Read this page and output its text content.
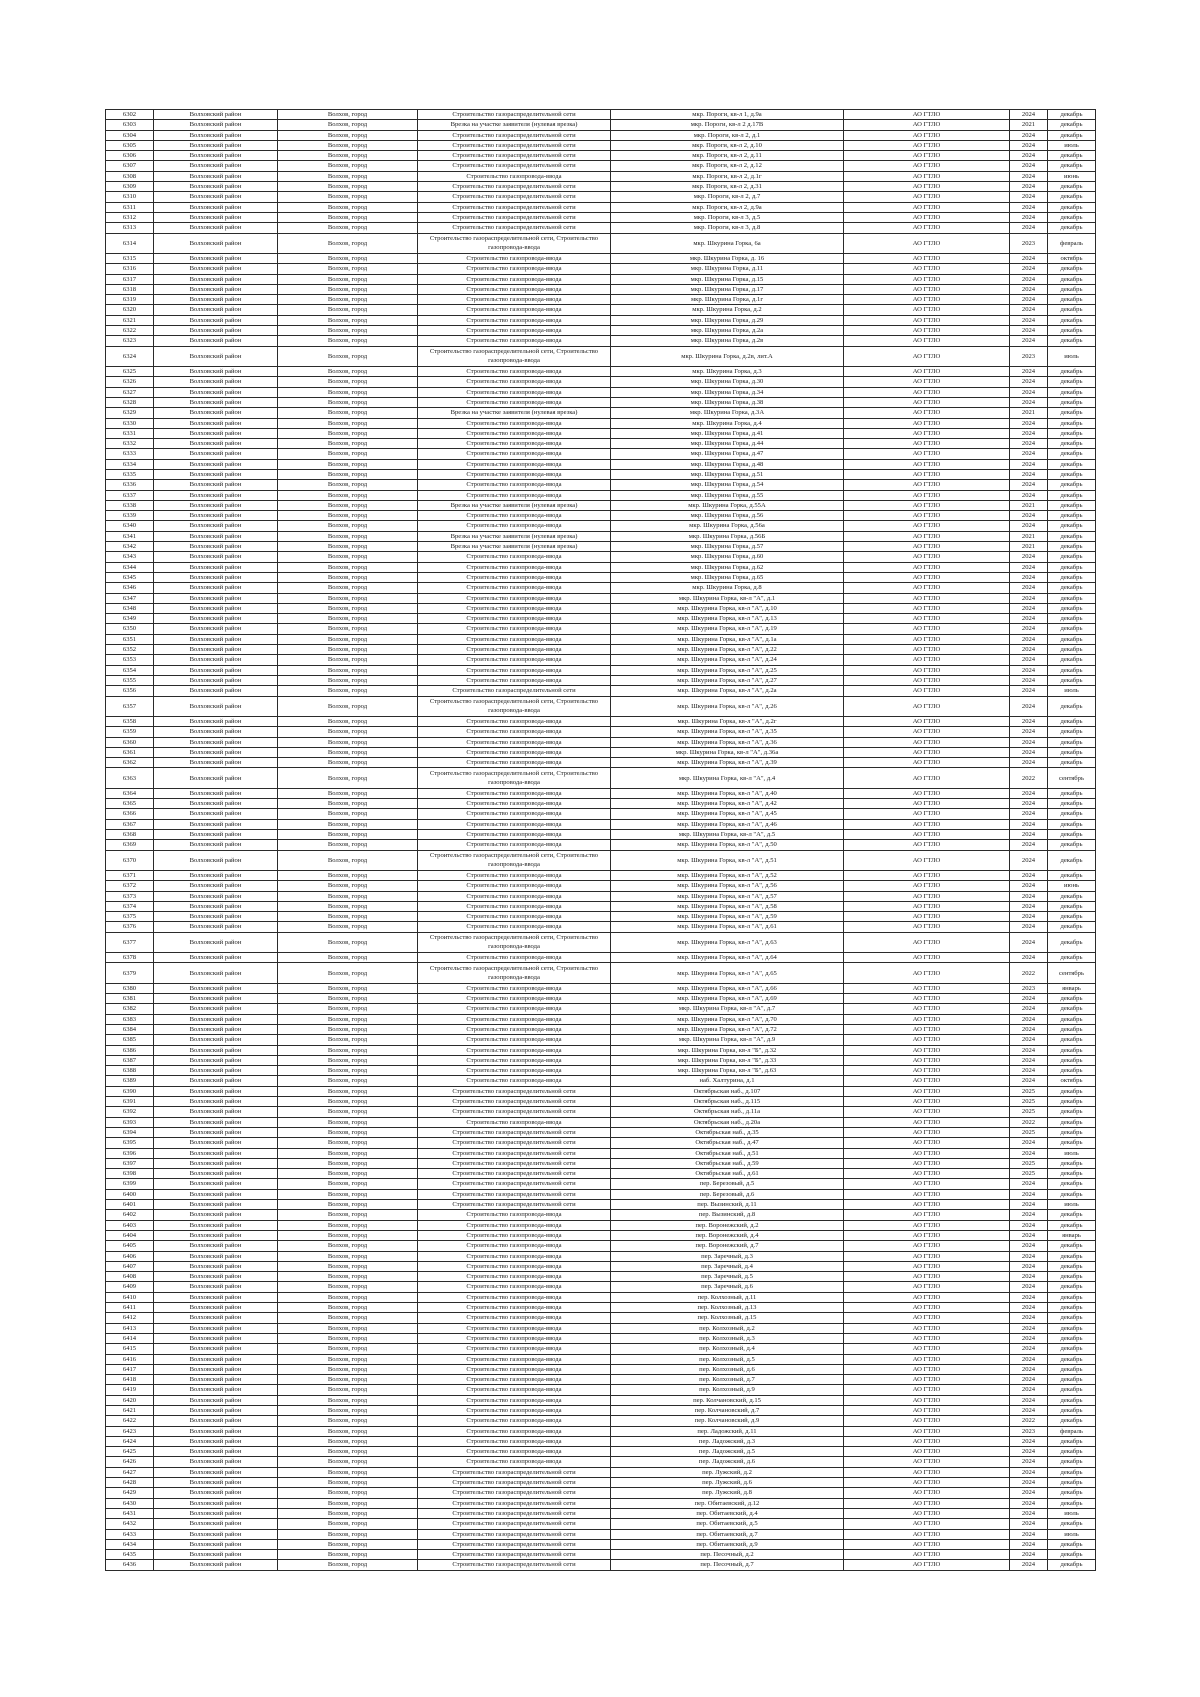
6302	Волховский район	Волхов, город	Строительство газораспределительной сети	мкр. Пороги, кв-л 1, д.9а	АО ГТЛО	2024	декабрь
6303	Волховский район	Волхов, город	Врезка на участке заявителя (нулевая врезка)	мкр. Пороги, кв-л 2 д.17В	АО ГТЛО	2021	декабрь
6304	Волховский район	Волхов, город	Строительство газораспределительной сети	мкр. Пороги, кв-л 2, д.1	АО ГТЛО	2024	декабрь
6305	Волховский район	Волхов, город	Строительство газораспределительной сети	мкр. Пороги, кв-л 2, д.10	АО ГТЛО	2024	июль
6306	Волховский район	Волхов, город	Строительство газораспределительной сети	мкр. Пороги, кв-л 2, д.11	АО ГТЛО	2024	декабрь
6307	Волховский район	Волхов, город	Строительство газораспределительной сети	мкр. Пороги, кв-л 2, д.12	АО ГТЛО	2024	декабрь
6308	Волховский район	Волхов, город	Строительство газопровода-ввода	мкр. Пороги, кв-л 2, д.1г	АО ГТЛО	2024	июнь
6309	Волховский район	Волхов, город	Строительство газораспределительной сети	мкр. Пороги, кв-л 2, д.31	АО ГТЛО	2024	декабрь
6310	Волховский район	Волхов, город	Строительство газораспределительной сети	мкр. Пороги, кв-л 2, д.7	АО ГТЛО	2024	декабрь
6311	Волховский район	Волхов, город	Строительство газораспределительной сети	мкр. Пороги, кв-л 2, д.9а	АО ГТЛО	2024	декабрь
6312	Волховский район	Волхов, город	Строительство газораспределительной сети	мкр. Пороги, кв-л 3, д.5	АО ГТЛО	2024	декабрь
6313	Волховский район	Волхов, город	Строительство газораспределительной сети	мкр. Пороги, кв-л 3, д.8	АО ГТЛО	2024	декабрь
6314	Волховский район	Волхов, город	Строительство газораспределительной сети, Строительство газопровода-ввода	мкр. Шкурина Горка, 6а	АО ГТЛО	2023	февраль
6315	Волховский район	Волхов, город	Строительство газопровода-ввода	мкр. Шкурина Горка, д. 16	АО ГТЛО	2024	октябрь
6316	Волховский район	Волхов, город	Строительство газопровода-ввода	мкр. Шкурина Горка, д.11	АО ГТЛО	2024	декабрь
6317	Волховский район	Волхов, город	Строительство газопровода-ввода	мкр. Шкурина Горка, д.15	АО ГТЛО	2024	декабрь
6318	Волховский район	Волхов, город	Строительство газопровода-ввода	мкр. Шкурина Горка, д.17	АО ГТЛО	2024	декабрь
6319	Волховский район	Волхов, город	Строительство газопровода-ввода	мкр. Шкурина Горка, д.1г	АО ГТЛО	2024	декабрь
6320	Волховский район	Волхов, город	Строительство газопровода-ввода	мкр. Шкурина Горка, д.2	АО ГТЛО	2024	декабрь
6321	Волховский район	Волхов, город	Строительство газопровода-ввода	мкр. Шкурина Горка, д.29	АО ГТЛО	2024	декабрь
6322	Волховский район	Волхов, город	Строительство газопровода-ввода	мкр. Шкурина Горка, д.2а	АО ГТЛО	2024	декабрь
6323	Волховский район	Волхов, город	Строительство газопровода-ввода	мкр. Шкурина Горка, д.2в	АО ГТЛО	2024	декабрь
6324	Волховский район	Волхов, город	Строительство газораспределительной сети, Строительство газопровода-ввода	мкр. Шкурина Горка, д.2в, лит.А	АО ГТЛО	2023	июль
6325	Волховский район	Волхов, город	Строительство газопровода-ввода	мкр. Шкурина Горка, д.3	АО ГТЛО	2024	декабрь
6326	Волховский район	Волхов, город	Строительство газопровода-ввода	мкр. Шкурина Горка, д.30	АО ГТЛО	2024	декабрь
6327	Волховский район	Волхов, город	Строительство газопровода-ввода	мкр. Шкурина Горка, д.34	АО ГТЛО	2024	декабрь
6328	Волховский район	Волхов, город	Строительство газопровода-ввода	мкр. Шкурина Горка, д.38	АО ГТЛО	2024	декабрь
6329	Волховский район	Волхов, город	Врезка на участке заявителя (нулевая врезка)	мкр. Шкурина Горка, д.3А	АО ГТЛО	2021	декабрь
6330	Волховский район	Волхов, город	Строительство газопровода-ввода	мкр. Шкурина Горка, д.4	АО ГТЛО	2024	декабрь
6331	Волховский район	Волхов, город	Строительство газопровода-ввода	мкр. Шкурина Горка, д.41	АО ГТЛО	2024	декабрь
6332	Волховский район	Волхов, город	Строительство газопровода-ввода	мкр. Шкурина Горка, д.44	АО ГТЛО	2024	декабрь
6333	Волховский район	Волхов, город	Строительство газопровода-ввода	мкр. Шкурина Горка, д.47	АО ГТЛО	2024	декабрь
6334	Волховский район	Волхов, город	Строительство газопровода-ввода	мкр. Шкурина Горка, д.48	АО ГТЛО	2024	декабрь
6335	Волховский район	Волхов, город	Строительство газопровода-ввода	мкр. Шкурина Горка, д.51	АО ГТЛО	2024	декабрь
6336	Волховский район	Волхов, город	Строительство газопровода-ввода	мкр. Шкурина Горка, д.54	АО ГТЛО	2024	декабрь
6337	Волховский район	Волхов, город	Строительство газопровода-ввода	мкр. Шкурина Горка, д.55	АО ГТЛО	2024	декабрь
6338	Волховский район	Волхов, город	Врезка на участке заявителя (нулевая врезка)	мкр. Шкурина Горка, д.55А	АО ГТЛО	2021	декабрь
6339	Волховский район	Волхов, город	Строительство газопровода-ввода	мкр. Шкурина Горка, д.56	АО ГТЛО	2024	декабрь
6340	Волховский район	Волхов, город	Строительство газопровода-ввода	мкр. Шкурина Горка, д.56а	АО ГТЛО	2024	декабрь
6341	Волховский район	Волхов, город	Врезка на участке заявителя (нулевая врезка)	мкр. Шкурина Горка, д.56Б	АО ГТЛО	2021	декабрь
6342	Волховский район	Волхов, город	Врезка на участке заявителя (нулевая врезка)	мкр. Шкурина Горка, д.57	АО ГТЛО	2021	декабрь
6343	Волховский район	Волхов, город	Строительство газопровода-ввода	мкр. Шкурина Горка, д.60	АО ГТЛО	2024	декабрь
6344	Волховский район	Волхов, город	Строительство газопровода-ввода	мкр. Шкурина Горка, д.62	АО ГТЛО	2024	декабрь
6345	Волховский район	Волхов, город	Строительство газопровода-ввода	мкр. Шкурина Горка, д.65	АО ГТЛО	2024	декабрь
6346	Волховский район	Волхов, город	Строительство газопровода-ввода	мкр. Шкурина Горка, д.8	АО ГТЛО	2024	декабрь
6347	Волховский район	Волхов, город	Строительство газопровода-ввода	мкр. Шкурина Горка, кв-л "А", д.1	АО ГТЛО	2024	декабрь
6348	Волховский район	Волхов, город	Строительство газопровода-ввода	мкр. Шкурина Горка, кв-л "А", д.10	АО ГТЛО	2024	декабрь
6349	Волховский район	Волхов, город	Строительство газопровода-ввода	мкр. Шкурина Горка, кв-л "А", д.13	АО ГТЛО	2024	декабрь
6350	Волховский район	Волхов, город	Строительство газопровода-ввода	мкр. Шкурина Горка, кв-л "А", д.19	АО ГТЛО	2024	декабрь
6351	Волховский район	Волхов, город	Строительство газопровода-ввода	мкр. Шкурина Горка, кв-л "А", д.1а	АО ГТЛО	2024	декабрь
6352	Волховский район	Волхов, город	Строительство газопровода-ввода	мкр. Шкурина Горка, кв-л "А", д.22	АО ГТЛО	2024	декабрь
6353	Волховский район	Волхов, город	Строительство газопровода-ввода	мкр. Шкурина Горка, кв-л "А", д.24	АО ГТЛО	2024	декабрь
6354	Волховский район	Волхов, город	Строительство газопровода-ввода	мкр. Шкурина Горка, кв-л "А", д.25	АО ГТЛО	2024	декабрь
6355	Волховский район	Волхов, город	Строительство газопровода-ввода	мкр. Шкурина Горка, кв-л "А", д.27	АО ГТЛО	2024	декабрь
6356	Волховский район	Волхов, город	Строительство газораспределительной сети	мкр. Шкурина Горка, кв-л "А", д.2а	АО ГТЛО	2024	июль
6357	Волховский район	Волхов, город	Строительство газораспределительной сети, Строительство газопровода-ввода	мкр. Шкурина Горка, кв-л "А", д.26	АО ГТЛО	2024	декабрь
6358	Волховский район	Волхов, город	Строительство газопровода-ввода	мкр. Шкурина Горка, кв-л "А", д.2г	АО ГТЛО	2024	декабрь
6359	Волховский район	Волхов, город	Строительство газопровода-ввода	мкр. Шкурина Горка, кв-л "А", д.35	АО ГТЛО	2024	декабрь
6360	Волховский район	Волхов, город	Строительство газопровода-ввода	мкр. Шкурина Горка, кв-л "А", д.36	АО ГТЛО	2024	декабрь
6361	Волховский район	Волхов, город	Строительство газопровода-ввода	мкр. Шкурина Горка, кв-л "А", д.36а	АО ГТЛО	2024	декабрь
6362	Волховский район	Волхов, город	Строительство газопровода-ввода	мкр. Шкурина Горка, кв-л "А", д.39	АО ГТЛО	2024	декабрь
6363	Волховский район	Волхов, город	Строительство газораспределительной сети, Строительство газопровода-ввода	мкр. Шкурина Горка, кв-л "А", д.4	АО ГТЛО	2022	сентябрь
6364	Волховский район	Волхов, город	Строительство газопровода-ввода	мкр. Шкурина Горка, кв-л "А", д.40	АО ГТЛО	2024	декабрь
6365	Волховский район	Волхов, город	Строительство газопровода-ввода	мкр. Шкурина Горка, кв-л "А", д.42	АО ГТЛО	2024	декабрь
6366	Волховский район	Волхов, город	Строительство газопровода-ввода	мкр. Шкурина Горка, кв-л "А", д.45	АО ГТЛО	2024	декабрь
6367	Волховский район	Волхов, город	Строительство газопровода-ввода	мкр. Шкурина Горка, кв-л "А", д.46	АО ГТЛО	2024	декабрь
6368	Волховский район	Волхов, город	Строительство газопровода-ввода	мкр. Шкурина Горка, кв-л "А", д.5	АО ГТЛО	2024	декабрь
6369	Волховский район	Волхов, город	Строительство газопровода-ввода	мкр. Шкурина Горка, кв-л "А", д.50	АО ГТЛО	2024	декабрь
6370	Волховский район	Волхов, город	Строительство газораспределительной сети, Строительство газопровода-ввода	мкр. Шкурина Горка, кв-л "А", д.51	АО ГТЛО	2024	декабрь
6371	Волховский район	Волхов, город	Строительство газопровода-ввода	мкр. Шкурина Горка, кв-л "А", д.52	АО ГТЛО	2024	декабрь
6372	Волховский район	Волхов, город	Строительство газопровода-ввода	мкр. Шкурина Горка, кв-л "А", д.56	АО ГТЛО	2024	июнь
6373	Волховский район	Волхов, город	Строительство газопровода-ввода	мкр. Шкурина Горка, кв-л "А", д.57	АО ГТЛО	2024	декабрь
6374	Волховский район	Волхов, город	Строительство газопровода-ввода	мкр. Шкурина Горка, кв-л "А", д.58	АО ГТЛО	2024	декабрь
6375	Волховский район	Волхов, город	Строительство газопровода-ввода	мкр. Шкурина Горка, кв-л "А", д.59	АО ГТЛО	2024	декабрь
6376	Волховский район	Волхов, город	Строительство газопровода-ввода	мкр. Шкурина Горка, кв-л "А", д.61	АО ГТЛО	2024	декабрь
6377	Волховский район	Волхов, город	Строительство газораспределительной сети, Строительство газопровода-ввода	мкр. Шкурина Горка, кв-л "А", д.63	АО ГТЛО	2024	декабрь
6378	Волховский район	Волхов, город	Строительство газопровода-ввода	мкр. Шкурина Горка, кв-л "А", д.64	АО ГТЛО	2024	декабрь
6379	Волховский район	Волхов, город	Строительство газораспределительной сети, Строительство газопровода-ввода	мкр. Шкурина Горка, кв-л "А", д.65	АО ГТЛО	2022	сентябрь
6380	Волховский район	Волхов, город	Строительство газопровода-ввода	мкр. Шкурина Горка, кв-л "А", д.66	АО ГТЛО	2023	январь
6381	Волховский район	Волхов, город	Строительство газопровода-ввода	мкр. Шкурина Горка, кв-л "А", д.69	АО ГТЛО	2024	декабрь
6382	Волховский район	Волхов, город	Строительство газопровода-ввода	мкр. Шкурина Горка, кв-л "А", д.7	АО ГТЛО	2024	декабрь
6383	Волховский район	Волхов, город	Строительство газопровода-ввода	мкр. Шкурина Горка, кв-л "А", д.70	АО ГТЛО	2024	декабрь
6384	Волховский район	Волхов, город	Строительство газопровода-ввода	мкр. Шкурина Горка, кв-л "А", д.72	АО ГТЛО	2024	декабрь
6385	Волховский район	Волхов, город	Строительство газопровода-ввода	мкр. Шкурина Горка, кв-л "А", д.9	АО ГТЛО	2024	декабрь
6386	Волховский район	Волхов, город	Строительство газопровода-ввода	мкр. Шкурина Горка, кв-л "Б", д.32	АО ГТЛО	2024	декабрь
6387	Волховский район	Волхов, город	Строительство газопровода-ввода	мкр. Шкурина Горка, кв-л "Б", д.33	АО ГТЛО	2024	декабрь
6388	Волховский район	Волхов, город	Строительство газопровода-ввода	мкр. Шкурина Горка, кв-л "Б", д.63	АО ГТЛО	2024	декабрь
6389	Волховский район	Волхов, город	Строительство газопровода-ввода	наб. Халтурина, д.1	АО ГТЛО	2024	октябрь
6390	Волховский район	Волхов, город	Строительство газораспределительной сети	Октябрьская наб., д.107	АО ГТЛО	2025	декабрь
6391	Волховский район	Волхов, город	Строительство газораспределительной сети	Октябрьская наб., д.115	АО ГТЛО	2025	декабрь
6392	Волховский район	Волхов, город	Строительство газораспределительной сети	Октябрьская наб., д.11а	АО ГТЛО	2025	декабрь
6393	Волховский район	Волхов, город	Строительство газопровода-ввода	Октябрьская наб., д.20а	АО ГТЛО	2022	декабрь
6394	Волховский район	Волхов, город	Строительство газораспределительной сети	Октябрьская наб., д.35	АО ГТЛО	2025	декабрь
6395	Волховский район	Волхов, город	Строительство газораспределительной сети	Октябрьская наб., д.47	АО ГТЛО	2024	декабрь
6396	Волховский район	Волхов, город	Строительство газораспределительной сети	Октябрьская наб., д.51	АО ГТЛО	2024	июль
6397	Волховский район	Волхов, город	Строительство газораспределительной сети	Октябрьская наб., д.59	АО ГТЛО	2025	декабрь
6398	Волховский район	Волхов, город	Строительство газораспределительной сети	Октябрьская наб., д.61	АО ГТЛО	2025	декабрь
6399	Волховский район	Волхов, город	Строительство газораспределительной сети	пер. Березовый, д.5	АО ГТЛО	2024	декабрь
6400	Волховский район	Волхов, город	Строительство газораспределительной сети	пер. Березовый, д.6	АО ГТЛО	2024	декабрь
6401	Волховский район	Волхов, город	Строительство газораспределительной сети	пер. Вызинский, д.11	АО ГТЛО	2024	июль
6402	Волховский район	Волхов, город	Строительство газопровода-ввода	пер. Вызинский, д.8	АО ГТЛО	2024	декабрь
6403	Волховский район	Волхов, город	Строительство газопровода-ввода	пер. Воронежский, д.2	АО ГТЛО	2024	декабрь
6404	Волховский район	Волхов, город	Строительство газопровода-ввода	пер. Воронежский, д.4	АО ГТЛО	2024	январь
6405	Волховский район	Волхов, город	Строительство газопровода-ввода	пер. Воронежский, д.7	АО ГТЛО	2024	декабрь
6406	Волховский район	Волхов, город	Строительство газопровода-ввода	пер. Заречный, д.3	АО ГТЛО	2024	декабрь
6407	Волховский район	Волхов, город	Строительство газопровода-ввода	пер. Заречный, д.4	АО ГТЛО	2024	декабрь
6408	Волховский район	Волхов, город	Строительство газопровода-ввода	пер. Заречный, д.5	АО ГТЛО	2024	декабрь
6409	Волховский район	Волхов, город	Строительство газопровода-ввода	пер. Заречный, д.6	АО ГТЛО	2024	декабрь
6410	Волховский район	Волхов, город	Строительство газопровода-ввода	пер. Колхозный, д.11	АО ГТЛО	2024	декабрь
6411	Волховский район	Волхов, город	Строительство газопровода-ввода	пер. Колхозный, д.13	АО ГТЛО	2024	декабрь
6412	Волховский район	Волхов, город	Строительство газопровода-ввода	пер. Колхозный, д.15	АО ГТЛО	2024	декабрь
6413	Волховский район	Волхов, город	Строительство газопровода-ввода	пер. Колхозный, д.2	АО ГТЛО	2024	декабрь
6414	Волховский район	Волхов, город	Строительство газопровода-ввода	пер. Колхозный, д.3	АО ГТЛО	2024	декабрь
6415	Волховский район	Волхов, город	Строительство газопровода-ввода	пер. Колхозный, д.4	АО ГТЛО	2024	декабрь
6416	Волховский район	Волхов, город	Строительство газопровода-ввода	пер. Колхозный, д.5	АО ГТЛО	2024	декабрь
6417	Волховский район	Волхов, город	Строительство газопровода-ввода	пер. Колхозный, д.6	АО ГТЛО	2024	декабрь
6418	Волховский район	Волхов, город	Строительство газопровода-ввода	пер. Колхозный, д.7	АО ГТЛО	2024	декабрь
6419	Волховский район	Волхов, город	Строительство газопровода-ввода	пер. Колхозный, д.9	АО ГТЛО	2024	декабрь
6420	Волховский район	Волхов, город	Строительство газопровода-ввода	пер. Колчановский, д.15	АО ГТЛО	2024	декабрь
6421	Волховский район	Волхов, город	Строительство газопровода-ввода	пер. Колчановский, д.7	АО ГТЛО	2024	декабрь
6422	Волховский район	Волхов, город	Строительство газопровода-ввода	пер. Колчановский, д.9	АО ГТЛО	2022	декабрь
6423	Волховский район	Волхов, город	Строительство газопровода-ввода	пер. Ладожский, д.11	АО ГТЛО	2023	февраль
6424	Волховский район	Волхов, город	Строительство газопровода-ввода	пер. Ладожский, д.3	АО ГТЛО	2024	декабрь
6425	Волховский район	Волхов, город	Строительство газопровода-ввода	пер. Ладожский, д.5	АО ГТЛО	2024	декабрь
6426	Волховский район	Волхов, город	Строительство газопровода-ввода	пер. Ладожский, д.6	АО ГТЛО	2024	декабрь
6427	Волховский район	Волхов, город	Строительство газораспределительной сети	пер. Лужский, д.2	АО ГТЛО	2024	декабрь
6428	Волховский район	Волхов, город	Строительство газораспределительной сети	пер. Лужский, д.6	АО ГТЛО	2024	декабрь
6429	Волховский район	Волхов, город	Строительство газораспределительной сети	пер. Лужский, д.8	АО ГТЛО	2024	декабрь
6430	Волховский район	Волхов, город	Строительство газораспределительной сети	пер. Обитаевский, д.12	АО ГТЛО	2024	декабрь
6431	Волховский район	Волхов, город	Строительство газораспределительной сети	пер. Обитаевский, д.4	АО ГТЛО	2024	июль
6432	Волховский район	Волхов, город	Строительство газораспределительной сети	пер. Обитаевский, д.5	АО ГТЛО	2024	декабрь
6433	Волховский район	Волхов, город	Строительство газораспределительной сети	пер. Обитаевский, д.7	АО ГТЛО	2024	июль
6434	Волховский район	Волхов, город	Строительство газораспределительной сети	пер. Обитаевский, д.9	АО ГТЛО	2024	декабрь
6435	Волховский район	Волхов, город	Строительство газораспределительной сети	пер. Песочный, д.2	АО ГТЛО	2024	декабрь
6436	Волховский район	Волхов, город	Строительство газораспределительной сети	пер. Песочный, д.7	АО ГТЛО	2024	декабрь
